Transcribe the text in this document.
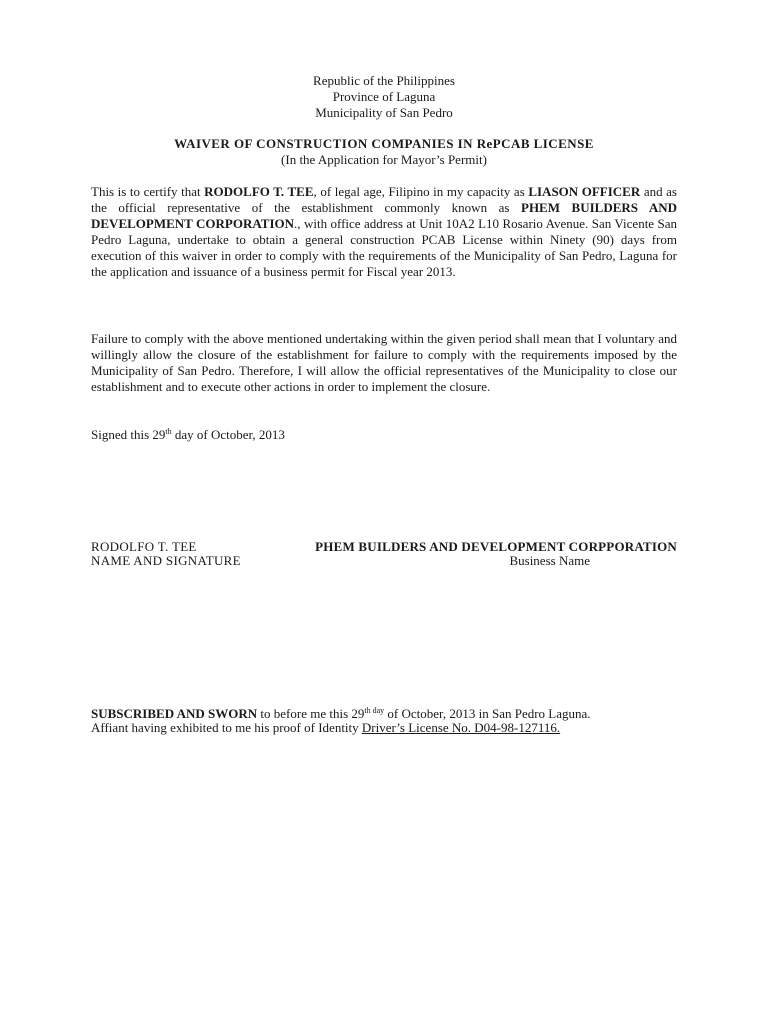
Republic of the Philippines
Province of Laguna
Municipality of San Pedro
WAIVER OF CONSTRUCTION COMPANIES IN RePCAB LICENSE
(In the Application for Mayor’s Permit)
This is to certify that RODOLFO T. TEE, of legal age, Filipino in my capacity as LIASON OFFICER and as the official representative of the establishment commonly known as PHEM BUILDERS AND DEVELOPMENT CORPORATION., with office address at Unit 10A2 L10 Rosario Avenue. San Vicente San Pedro Laguna, undertake to obtain a general construction PCAB License within Ninety (90) days from execution of this waiver in order to comply with the requirements of the Municipality of San Pedro, Laguna for the application and issuance of a business permit for Fiscal year 2013.
Failure to comply with the above mentioned undertaking within the given period shall mean that I voluntary and willingly allow the closure of the establishment for failure to comply with the requirements imposed by the Municipality of San Pedro. Therefore, I will allow the official representatives of the Municipality to close our establishment and to execute other actions in order to implement the closure.
Signed this 29th day of October, 2013
RODOLFO T. TEE
NAME AND SIGNATURE
PHEM BUILDERS AND DEVELOPMENT CORPPORATION
Business Name
SUBSCRIBED AND SWORN to before me this $29^{th day}$ of October, 2013 in San Pedro Laguna.
Affiant having exhibited to me his proof of Identity Driver’s License No. D04-98-127116.
